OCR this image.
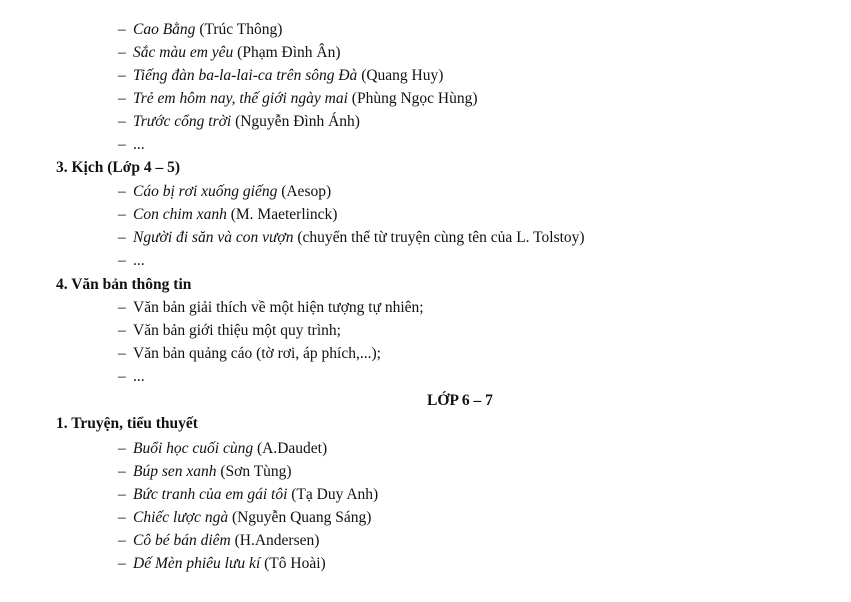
– Cao Bằng (Trúc Thông)
– Sắc màu em yêu (Phạm Đình Ân)
– Tiếng đàn ba-la-lai-ca trên sông Đà (Quang Huy)
– Trẻ em hôm nay, thế giới ngày mai (Phùng Ngọc Hùng)
– Trước cổng trời (Nguyễn Đình Ánh)
– ...
3. Kịch (Lớp 4 – 5)
– Cáo bị rơi xuống giếng (Aesop)
– Con chim xanh (M. Maeterlinck)
– Người đi săn và con vượn (chuyển thể từ truyện cùng tên của L. Tolstoy)
– ...
4. Văn bản thông tin
– Văn bản giải thích về một hiện tượng tự nhiên;
– Văn bản giới thiệu một quy trình;
– Văn bản quảng cáo (tờ rơi, áp phích,...);
– ...
LỚP 6 – 7
1. Truyện, tiểu thuyết
– Buổi học cuối cùng (A.Daudet)
– Búp sen xanh (Sơn Tùng)
– Bức tranh của em gái tôi (Tạ Duy Anh)
– Chiếc lược ngà (Nguyễn Quang Sáng)
– Cô bé bán diêm (H.Andersen)
– Dế Mèn phiêu lưu kí (Tô Hoài)
